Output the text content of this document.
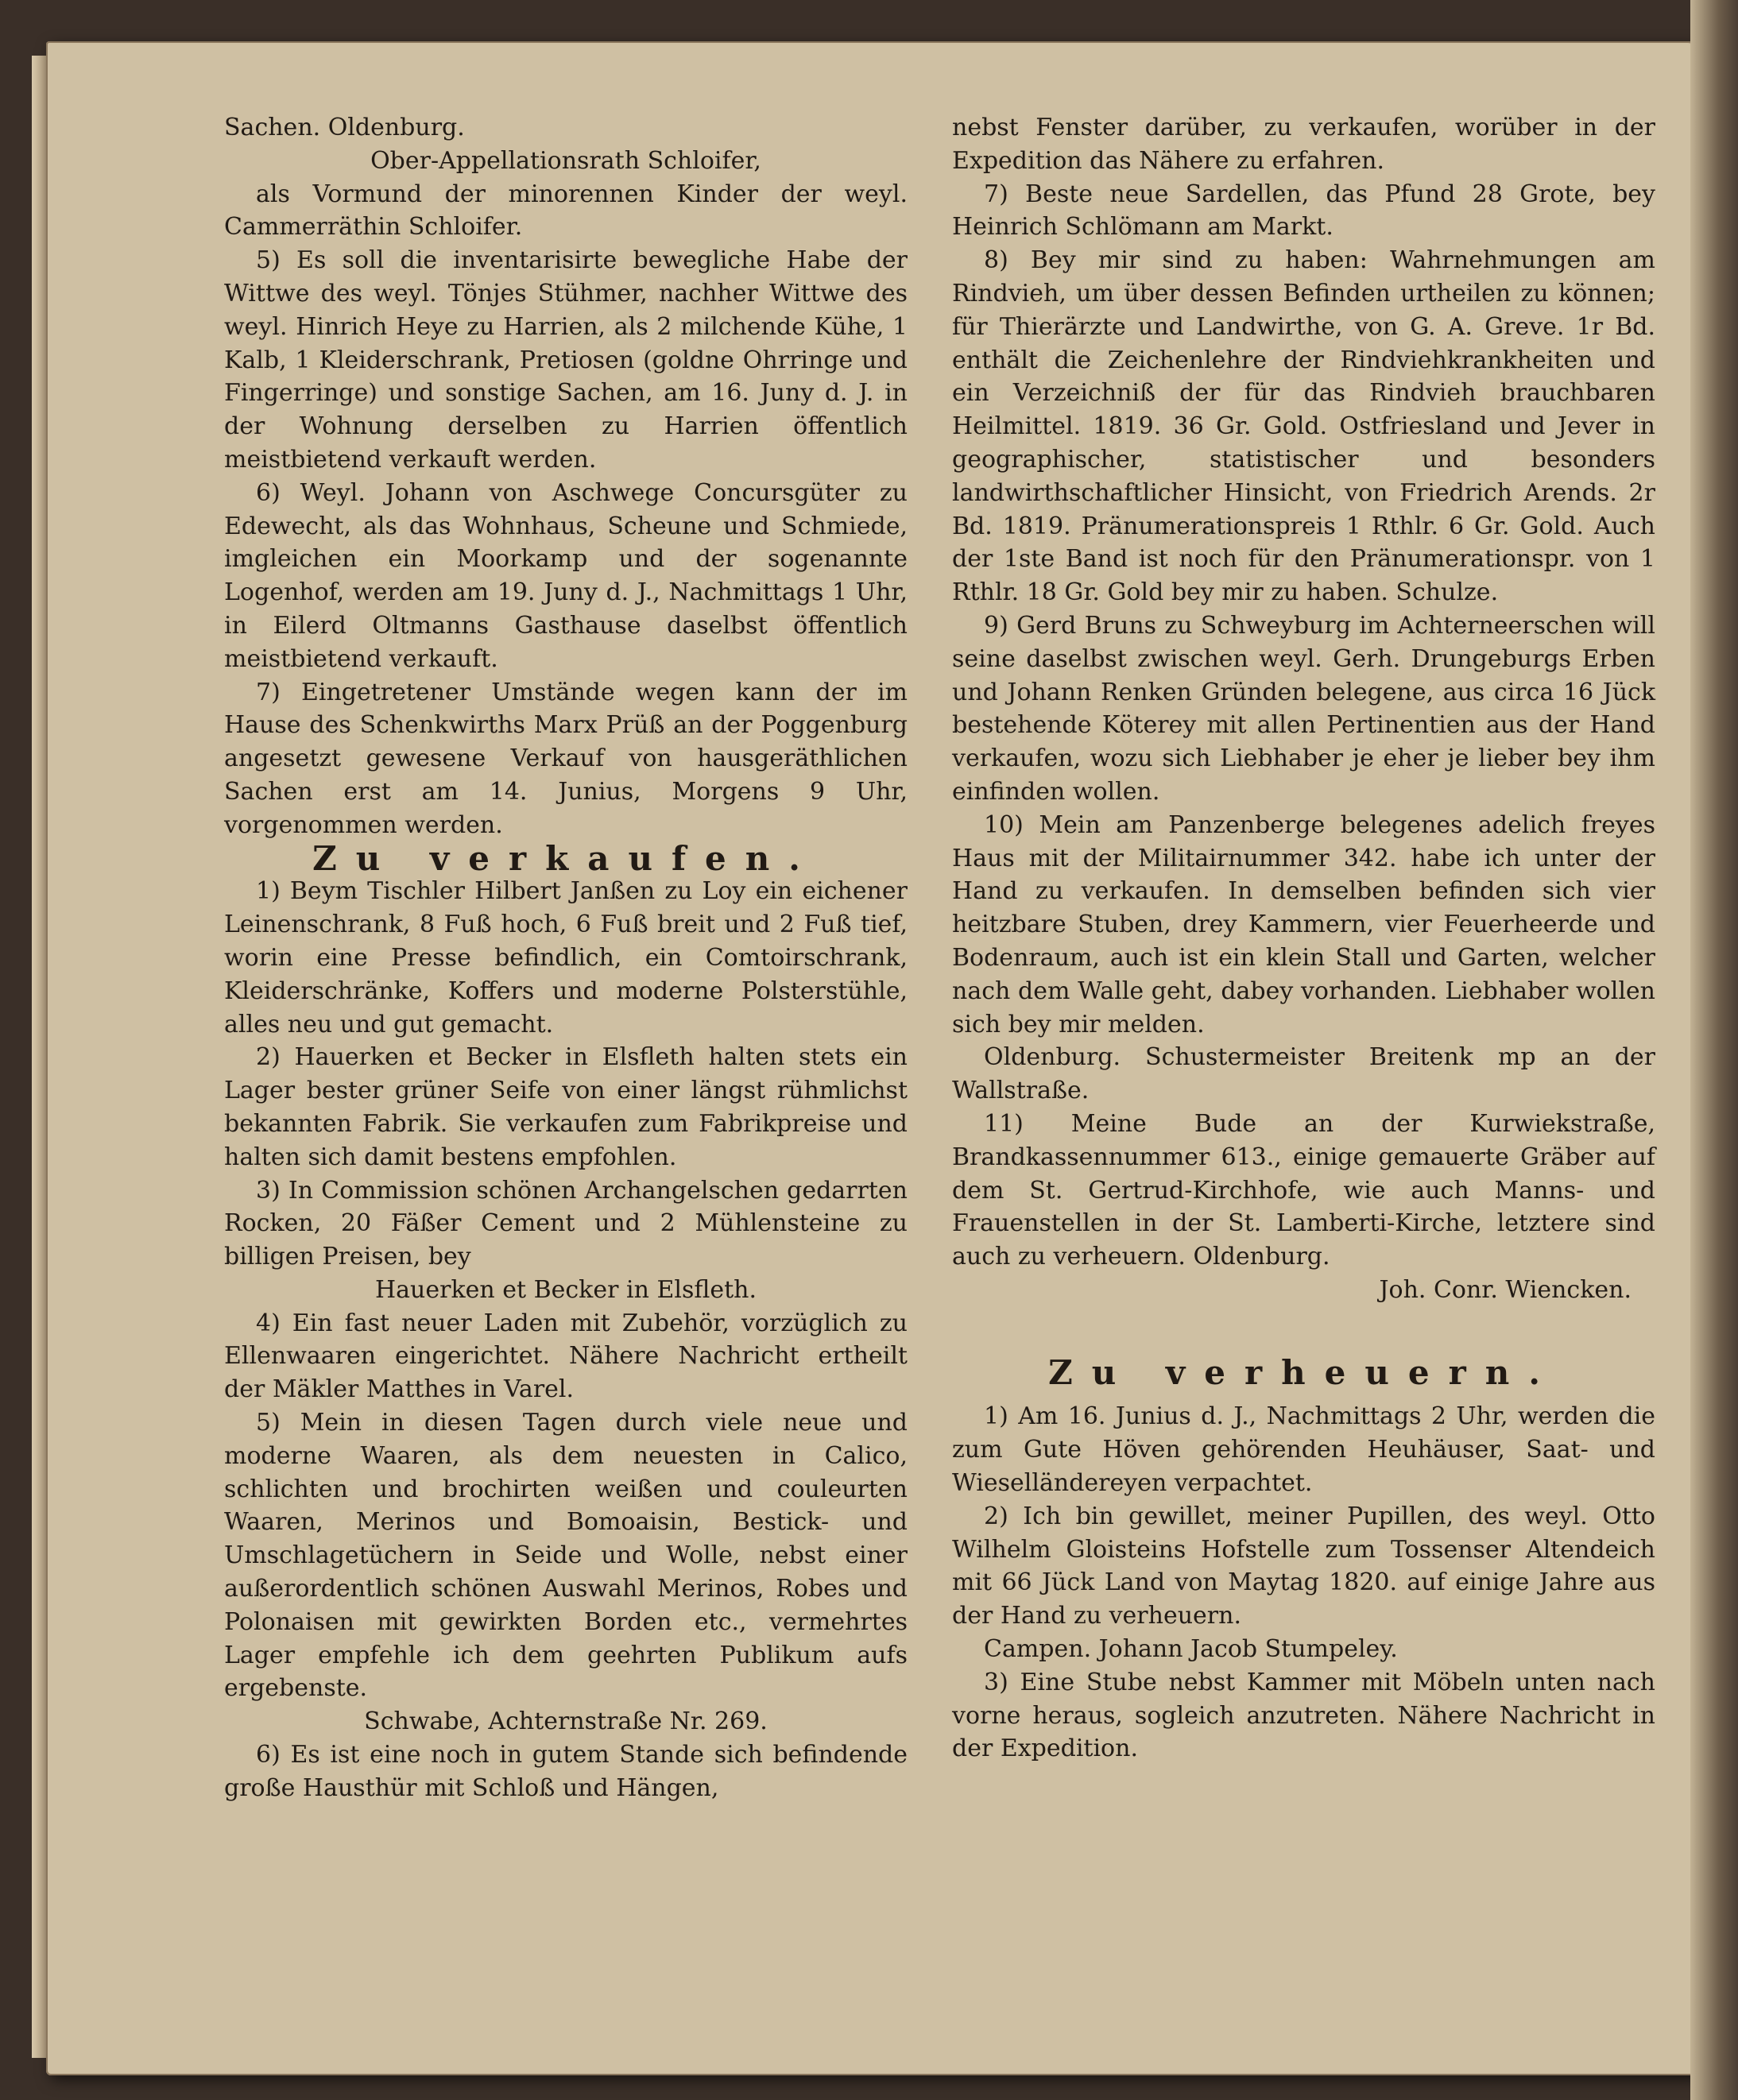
Sachen. Oldenburg.

Ober-Appellationsrath Schloifer,

als Vormund der minorennen Kinder der weyl. Cammerräthin Schloifer.

5) Es soll die inventarisirte bewegliche Habe der Wittwe des weyl. Tönjes Stühmer, nachher Wittwe des weyl. Hinrich Heye zu Harrien, als 2 milchende Kühe, 1 Kalb, 1 Kleiderschrank, Pretiosen (goldne Ohrringe und Fingerringe) und sonstige Sachen, am 16. Juny d. J. in der Wohnung derselben zu Harrien öffentlich meistbietend verkauft werden.

6) Weyl. Johann von Aschwege Concursgüter zu Edewecht, als das Wohnhaus, Scheune und Schmiede, imgleichen ein Moorkamp und der sogenannte Logenhof, werden am 19. Juny d. J., Nachmittags 1 Uhr, in Eilerd Oltmanns Gasthause daselbst öffentlich meistbietend verkauft.

7) Eingetretener Umstände wegen kann der im Hause des Schenkwirths Marx Prüß an der Poggenburg angesetzt gewesene Verkauf von hausgeräthlichen Sachen erst am 14. Junius, Morgens 9 Uhr, vorgenommen werden.

Zu verkaufen.

1) Beym Tischler Hilbert Janßen zu Loy ein eichener Leinenschrank, 8 Fuß hoch, 6 Fuß breit und 2 Fuß tief, worin eine Presse befindlich, ein Comtoirschrank, Kleiderschränke, Koffers und moderne Polsterstühle, alles neu und gut gemacht.

2) Hauerken et Becker in Elsfleth halten stets ein Lager bester grüner Seife von einer längst rühmlichst bekannten Fabrik. Sie verkaufen zum Fabrikpreise und halten sich damit bestens empfohlen.

3) In Commission schönen Archangelschen gedarrten Rocken, 20 Fäßer Cement und 2 Mühlensteine zu billigen Preisen, bey

Hauerken et Becker in Elsfleth.

4) Ein fast neuer Laden mit Zubehör, vorzüglich zu Ellenwaaren eingerichtet. Nähere Nachricht ertheilt der Mäkler Matthes in Varel.

5) Mein in diesen Tagen durch viele neue und moderne Waaren, als dem neuesten in Calico, schlichten und brochirten weißen und couleurten Waaren, Merinos und Bomoaisin, Bestick- und Umschlagetüchern in Seide und Wolle, nebst einer außerordentlich schönen Auswahl Merinos, Robes und Polonaisen mit gewirkten Borden etc., vermehrtes Lager empfehle ich dem geehrten Publikum aufs ergebenste.

Schwabe, Achternstraße Nr. 269.

6) Es ist eine noch in gutem Stande sich befindende große Hausthür mit Schloß und Hängen,

nebst Fenster darüber, zu verkaufen, worüber in der Expedition das Nähere zu erfahren.

7) Beste neue Sardellen, das Pfund 28 Grote, bey Heinrich Schlömann am Markt.

8) Bey mir sind zu haben: Wahrnehmungen am Rindvieh, um über dessen Befinden urtheilen zu können; für Thierärzte und Landwirthe, von G. A. Greve. 1r Bd. enthält die Zeichenlehre der Rindviehkrankheiten und ein Verzeichniß der für das Rindvieh brauchbaren Heilmittel. 1819. 36 Gr. Gold. Ostfriesland und Jever in geographischer, statistischer und besonders landwirthschaftlicher Hinsicht, von Friedrich Arends. 2r Bd. 1819. Pränumerationspreis 1 Rthlr. 6 Gr. Gold. Auch der 1ste Band ist noch für den Pränumerationspr. von 1 Rthlr. 18 Gr. Gold bey mir zu haben. Schulze.

9) Gerd Bruns zu Schweyburg im Achterneerschen will seine daselbst zwischen weyl. Gerh. Drungeburgs Erben und Johann Renken Gründen belegene, aus circa 16 Jück bestehende Köterey mit allen Pertinentien aus der Hand verkaufen, wozu sich Liebhaber je eher je lieber bey ihm einfinden wollen.

10) Mein am Panzenberge belegenes adelich freyes Haus mit der Militairnummer 342. habe ich unter der Hand zu verkaufen. In demselben befinden sich vier heitzbare Stuben, drey Kammern, vier Feuerheerde und Bodenraum, auch ist ein klein Stall und Garten, welcher nach dem Walle geht, dabey vorhanden. Liebhaber wollen sich bey mir melden.

Oldenburg. Schustermeister Breitenk mp an der Wallstraße.

11) Meine Bude an der Kurwiekstraße, Brandkassennummer 613., einige gemauerte Gräber auf dem St. Gertrud-Kirchhofe, wie auch Manns- und Frauenstellen in der St. Lamberti-Kirche, letztere sind auch zu verheuern. Oldenburg.

Joh. Conr. Wiencken.

Zu verheuern.

1) Am 16. Junius d. J., Nachmittags 2 Uhr, werden die zum Gute Höven gehörenden Heuhäuser, Saat- und Wieselländereyen verpachtet.

2) Ich bin gewillet, meiner Pupillen, des weyl. Otto Wilhelm Gloisteins Hofstelle zum Tossenser Altendeich mit 66 Jück Land von Maytag 1820. auf einige Jahre aus der Hand zu verheuern.

Campen. Johann Jacob Stumpeley.

3) Eine Stube nebst Kammer mit Möbeln unten nach vorne heraus, sogleich anzutreten. Nähere Nachricht in der Expedition.
